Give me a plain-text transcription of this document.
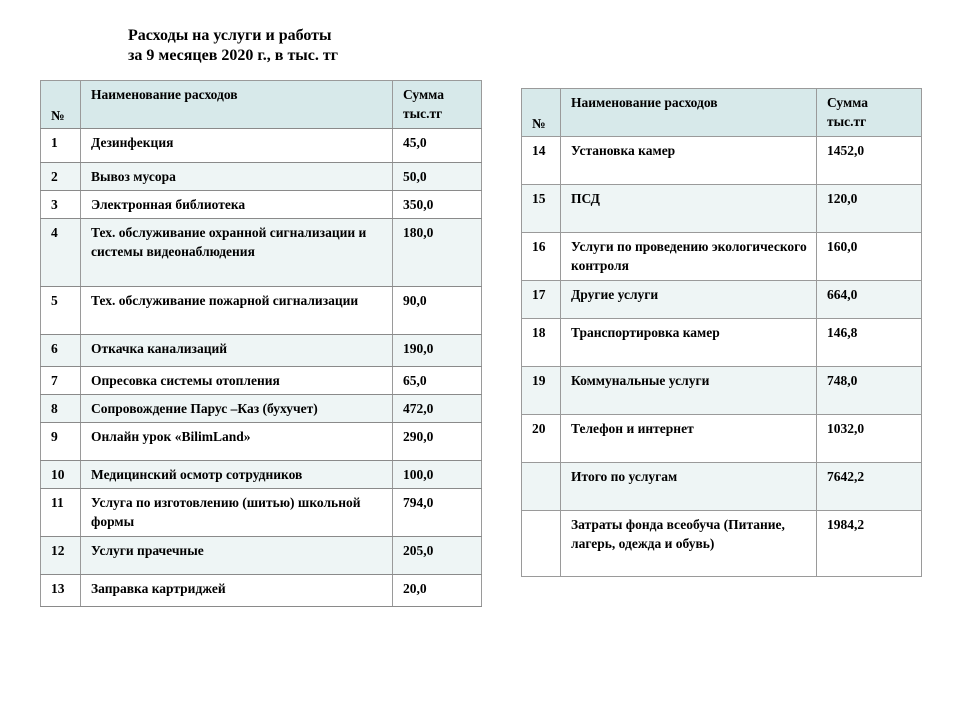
Расходы на услуги и работы
за 9 месяцев 2020 г., в тыс. тг
№	Наименование расходов	Сумма
тыс.тг
1	Дезинфекция	45,0
2	Вывоз мусора	50,0
3	Электронная библиотека	350,0
4	Тех. обслуживание охранной сигнализации и системы видеонаблюдения	180,0
5	Тех. обслуживание пожарной сигнализации	90,0
6	Откачка канализаций	190,0
7	Опресовка системы отопления	65,0
8	Сопровождение Парус –Каз (бухучет)	472,0
9	Онлайн урок «BilimLand»	290,0
10	Медицинский осмотр сотрудников	100,0
11	Услуга по изготовлению (шитью) школьной формы	794,0
12	Услуги прачечные	205,0
13	Заправка картриджей	20,0
№	Наименование расходов	Сумма
тыс.тг
14	Установка камер	1452,0
15	ПСД	120,0
16	Услуги по проведению экологического контроля	160,0
17	Другие услуги	664,0
18	Транспортировка камер	146,8
19	Коммунальные услуги	748,0
20	Телефон и интернет	1032,0
	Итого по услугам	7642,2
	Затраты фонда всеобуча (Питание, лагерь, одежда и обувь)	1984,2
